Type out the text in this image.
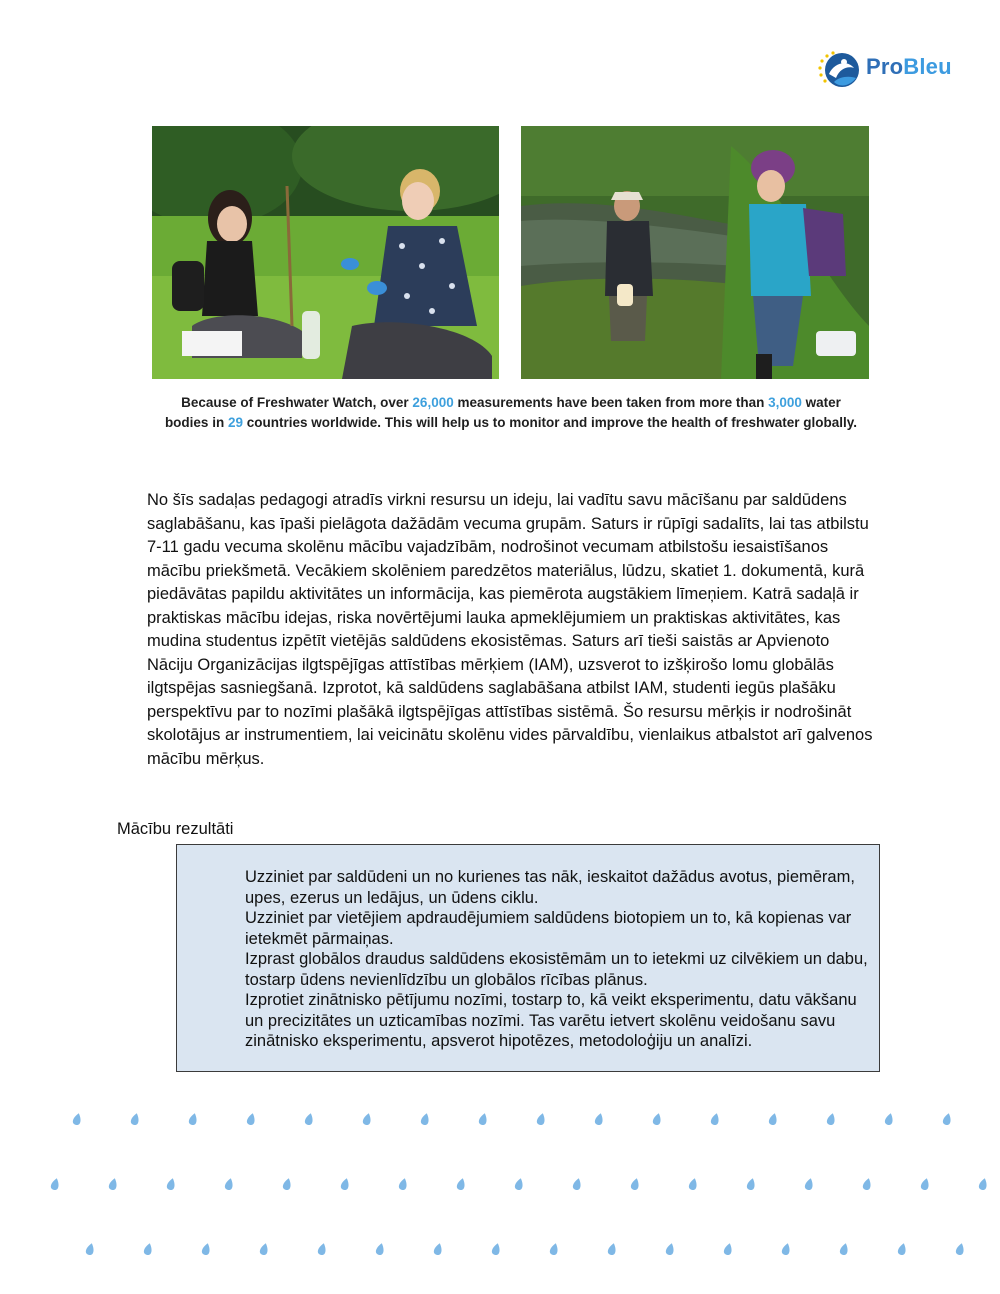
ProBleu
Because of Freshwater Watch, over 26,000 measurements have been taken from more than 3,000 water bodies in 29 countries worldwide. This will help us to monitor and improve the health of freshwater globally.

No šīs sadaļas pedagogi atradīs virkni resursu un ideju, lai vadītu savu mācīšanu par saldūdens saglabāšanu, kas īpaši pielāgota dažādām vecuma grupām. Saturs ir rūpīgi sadalīts, lai tas atbilstu 7-11 gadu vecuma skolēnu mācību vajadzībām, nodrošinot vecumam atbilstošu iesaistīšanos mācību priekšmetā. Vecākiem skolēniem paredzētos materiālus, lūdzu, skatiet 1. dokumentā, kurā piedāvātas papildu aktivitātes un informācija, kas piemērota augstākiem līmeņiem. Katrā sadaļā ir praktiskas mācību idejas, riska novērtējumi lauka apmeklējumiem un praktiskas aktivitātes, kas mudina studentus izpētīt vietējās saldūdens ekosistēmas. Saturs arī tieši saistās ar Apvienoto Nāciju Organizācijas ilgtspējīgas attīstības mērķiem (IAM), uzsverot to izšķirošo lomu globālās ilgtspējas sasniegšanā. Izprotot, kā saldūdens saglabāšana atbilst IAM, studenti iegūs plašāku perspektīvu par to nozīmi plašākā ilgtspējīgas attīstības sistēmā. Šo resursu mērķis ir nodrošināt skolotājus ar instrumentiem, lai veicinātu skolēnu vides pārvaldību, vienlaikus atbalstot arī galvenos mācību mērķus.

Mācību rezultāti
Uzziniet par saldūdeni un no kurienes tas nāk, ieskaitot dažādus avotus, piemēram, upes, ezerus un ledājus, un ūdens ciklu.
Uzziniet par vietējiem apdraudējumiem saldūdens biotopiem un to, kā kopienas var ietekmēt pārmaiņas.
Izprast globālos draudus saldūdens ekosistēmām un to ietekmi uz cilvēkiem un dabu, tostarp ūdens nevienlīdzību un globālos rīcības plānus.
Izprotiet zinātnisko pētījumu nozīmi, tostarp to, kā veikt eksperimentu, datu vākšanu un precizitātes un uzticamības nozīmi. Tas varētu ietvert skolēnu veidošanu savu zinātnisko eksperimentu, apsverot hipotēzes, metodoloģiju un analīzi.
